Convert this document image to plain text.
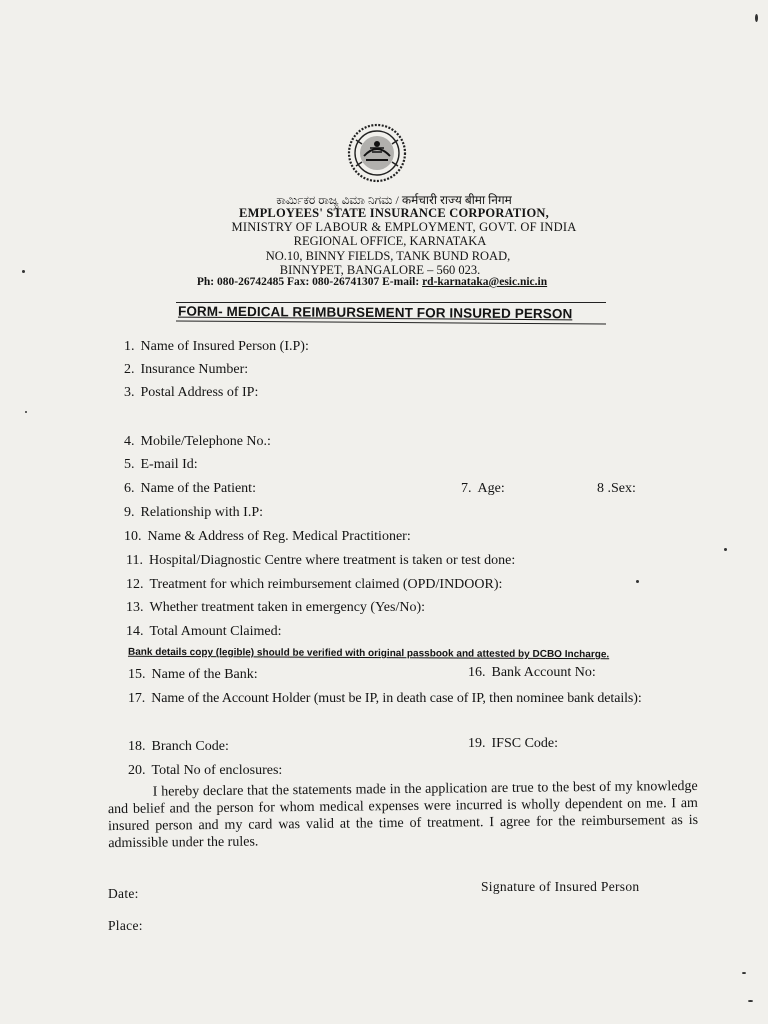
ಕಾರ್ಮಿಕರ ರಾಜ್ಯ ವಿಮಾ ನಿಗಮ / कर्मचारी राज्य बीमा निगम
EMPLOYEES' STATE INSURANCE CORPORATION,
MINISTRY OF LABOUR & EMPLOYMENT, GOVT. OF INDIA
REGIONAL OFFICE, KARNATAKA
NO.10, BINNY FIELDS, TANK BUND ROAD,
BINNYPET, BANGALORE – 560 023.
Ph: 080-26742485 Fax: 080-26741307 E-mail: rd-karnataka@esic.nic.in
FORM- MEDICAL REIMBURSEMENT FOR INSURED PERSON
1. Name of Insured Person (I.P):
2. Insurance Number:
3. Postal Address of IP:
4. Mobile/Telephone No.:
5. E-mail Id:
6. Name of the Patient:	7. Age:	8 .Sex:
9. Relationship with I.P:
10. Name & Address of Reg. Medical Practitioner:
11. Hospital/Diagnostic Centre where treatment is taken or test done:
12. Treatment for which reimbursement claimed (OPD/INDOOR):
13. Whether treatment taken in emergency (Yes/No):
14. Total Amount Claimed:
Bank details copy (legible) should be verified with original passbook and attested by DCBO Incharge.
15. Name of the Bank:	16. Bank Account No:
17. Name of the Account Holder (must be IP, in death case of IP, then nominee bank details):
18. Branch Code:	19. IFSC Code:
20. Total No of enclosures:
I hereby declare that the statements made in the application are true to the best of my knowledge and belief and the person for whom medical expenses were incurred is wholly dependent on me. I am insured person and my card was valid at the time of treatment. I agree for the reimbursement as is admissible under the rules.
Signature of Insured Person
Date:
Place:
